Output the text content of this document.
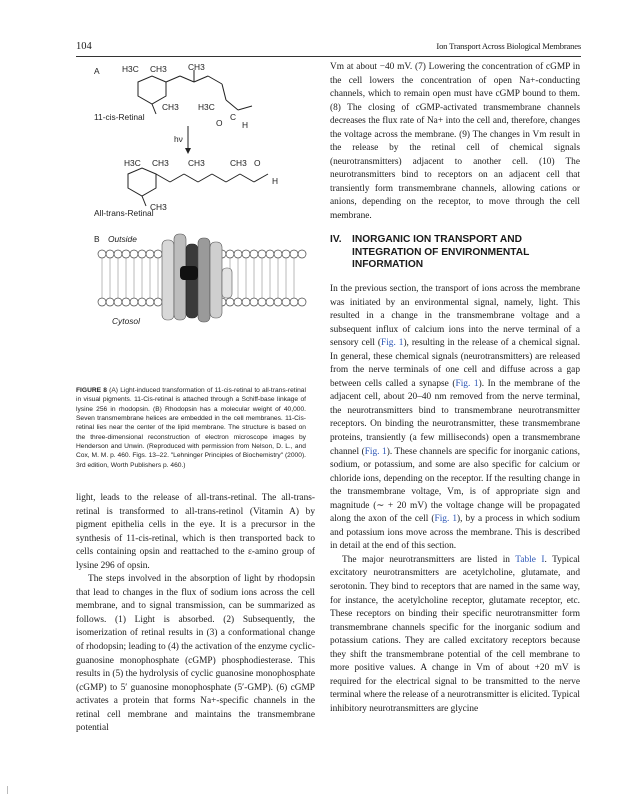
104	Ion Transport Across Biological Membranes
A	H3C CH3	CH3
CH3 H3C
O
C
H
11-cis-Retinal
hν
H3C CH3 CH3	CH3 O
H
CH3
All-trans-Retinal
B Outside
Cytosol
FIGURE 8 (A) Light-induced transformation of 11-cis-retinal to all-trans-retinal in visual pigments. 11-Cis-retinal is attached through a Schiff-base linkage of lysine 256 in rhodopsin. (B) Rhodopsin has a molecular weight of 40,000. Seven transmembrane helices are embedded in the cell membranes. 11-Cis-retinal lies near the center of the lipid membrane. The structure is based on the three-dimensional reconstruction of electron microscope images by Henderson and Unwin. (Reproduced with permission from Nelson, D. L., and Cox, M. M. p. 460. Figs. 13–22. "Lehninger Principles of Biochemistry" (2000). 3rd edition, Worth Publishers p. 460.)

light, leads to the release of all-trans-retinal. The all-trans-retinal is transformed to all-trans-retinol (Vitamin A) by pigment epithelia cells in the eye. It is a precursor in the synthesis of 11-cis-retinal, which is then transported back to cells containing opsin and reattached to the ε-amino group of lysine 296 of opsin.

The steps involved in the absorption of light by rhodopsin that lead to changes in the flux of sodium ions across the cell membrane, and to signal transmission, can be summarized as follows. (1) Light is absorbed. (2) Subsequently, the isomerization of retinal results in (3) a conformational change of rhodopsin; leading to (4) the activation of the enzyme cyclic-guanosine monophosphate (cGMP) phosphodiesterase. This results in (5) the hydrolysis of cyclic guanosine monophosphate (cGMP) to 5′ guanosine monophosphate (5′-GMP). (6) cGMP activates a protein that forms Na+-specific channels in the retinal cell membrane and maintains the transmembrane potential

Vm at about −40 mV. (7) Lowering the concentration of cGMP in the cell lowers the concentration of open Na+-conducting channels, which to remain open must have cGMP bound to them. (8) The closing of cGMP-activated transmembrane channels decreases the flux rate of Na+ into the cell and, therefore, changes the voltage across the membrane. (9) The changes in Vm result in the release by the retinal cell of chemical signals (neurotransmitters) adjacent to another cell. (10) The neurotransmitters bind to receptors on an adjacent cell that transiently form transmembrane channels, allowing cations or anions, depending on the receptor, to move through the cell membrane.

IV.	INORGANIC ION TRANSPORT AND INTEGRATION OF ENVIRONMENTAL INFORMATION

In the previous section, the transport of ions across the membrane was initiated by an environmental signal, namely, light. This resulted in a change in the transmembrane voltage and a subsequent influx of calcium ions into the nerve terminal of a sensory cell (Fig. 1), resulting in the release of a chemical signal. In general, these chemical signals (neurotransmitters) are released from the nerve terminals of one cell and diffuse across a gap between cells called a synapse (Fig. 1). In the membrane of the adjacent cell, about 20–40 nm removed from the nerve terminal, the neurotransmitters bind to transmembrane neurotransmitter receptors. On binding the neurotransmitter, these transmembrane proteins, transiently (a few milliseconds) open a transmembrane channel (Fig. 1). These channels are specific for inorganic cations, sodium, or potassium, and some are also specific for calcium or chloride ions, depending on the receptor. If the resulting change in the transmembrane voltage, Vm, is of appropriate sign and magnitude (∼ + 20 mV) the voltage change will be propagated along the axon of the cell (Fig. 1), by a process in which sodium and potassium ions move across the membrane. This is described in detail at the end of this section.

The major neurotransmitters are listed in Table I. Typical excitatory neurotransmitters are acetylcholine, glutamate, and serotonin. They bind to receptors that are named in the same way, for instance, the acetylcholine receptor, glutamate receptor, etc. These receptors on binding their specific neurotransmitter form transmembrane channels specific for the inorganic sodium and potassium cations. They are called excitatory receptors because they shift the transmembrane potential of the cell membrane to more positive values. A change in Vm of about +20 mV is required for the electrical signal to be transmitted to the nerve terminal where the release of a neurotransmitter is elicited. Typical inhibitory neurotransmitters are glycine
